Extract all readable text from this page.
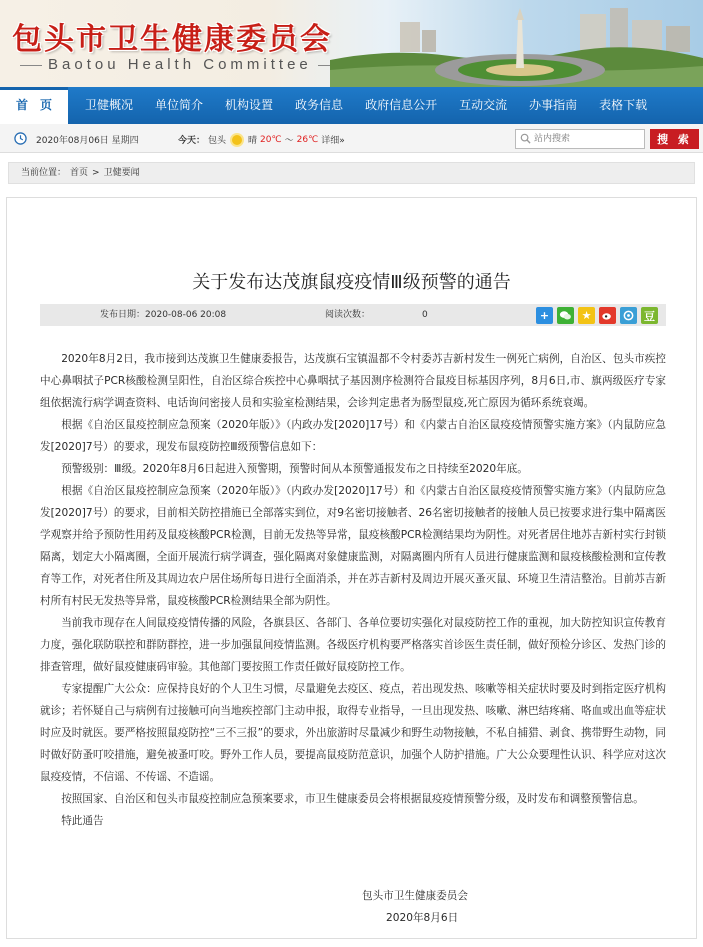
包头市卫生健康委员会
Baotou Health Committee
首　页	卫健概况	单位简介	机构设置	政务信息	政府信息公开	互动交流	办事指南	表格下载
2020年08月06日 星期四	今天： 包头 晴 20℃ ～ 26℃ 详细»
站内搜索	搜 索
当前位置： 首页 > 卫健要闻
关于发布达茂旗鼠疫疫情Ⅲ级预警的通告
发布日期：2020-08-06 20:08	阅读次数：	0	+	★	豆

2020年8月2日，我市接到达茂旗卫生健康委报告，达茂旗石宝镇温都不令村委苏吉新村发生一例死亡病例，自治区、包头市疾控中心鼻咽拭子PCR核酸检测呈阳性，自治区综合疾控中心鼻咽拭子基因测序检测符合鼠疫目标基因序列，8月6日,市、旗两级医疗专家组依据流行病学调查资料、电话询问密接人员和实验室检测结果，会诊判定患者为肠型鼠疫,死亡原因为循环系统衰竭。

根据《自治区鼠疫控制应急预案（2020年版）》（内政办发[2020]17号）和《内蒙古自治区鼠疫疫情预警实施方案》（内鼠防应急发[2020]7号）的要求，现发布鼠疫防控Ⅲ级预警信息如下：

预警级别：Ⅲ级。2020年8月6日起进入预警期，预警时间从本预警通报发布之日持续至2020年底。

根据《自治区鼠疫控制应急预案（2020年版）》（内政办发[2020]17号）和《内蒙古自治区鼠疫疫情预警实施方案》（内鼠防应急发[2020]7号）的要求，目前相关防控措施已全部落实到位，对9名密切接触者、26名密切接触者的接触人员已按要求进行集中隔离医学观察并给予预防性用药及鼠疫核酸PCR检测，目前无发热等异常，鼠疫核酸PCR检测结果均为阴性。对死者居住地苏吉新村实行封锁隔离，划定大小隔离圈，全面开展流行病学调查，强化隔离对象健康监测，对隔离圈内所有人员进行健康监测和鼠疫核酸检测和宣传教育等工作，对死者住所及其周边农户居住场所每日进行全面消杀，并在苏吉新村及周边开展灭蚤灭鼠、环境卫生清洁整治。目前苏吉新村所有村民无发热等异常，鼠疫核酸PCR检测结果全部为阴性。

当前我市现存在人间鼠疫疫情传播的风险，各旗县区、各部门、各单位要切实强化对鼠疫防控工作的重视，加大防控知识宣传教育力度，强化联防联控和群防群控，进一步加强鼠间疫情监测。各级医疗机构要严格落实首诊医生责任制，做好预检分诊区、发热门诊的排查管理，做好鼠疫健康码审验。其他部门要按照工作责任做好鼠疫防控工作。

专家提醒广大公众：应保持良好的个人卫生习惯，尽量避免去疫区、疫点，若出现发热、咳嗽等相关症状时要及时到指定医疗机构就诊；若怀疑自己与病例有过接触可向当地疾控部门主动申报，取得专业指导，一旦出现发热、咳嗽、淋巴结疼痛、咯血或出血等症状时应及时就医。要严格按照鼠疫防控“三不三报”的要求，外出旅游时尽量减少和野生动物接触，不私自捕猎、剥食、携带野生动物，同时做好防蚤叮咬措施，避免被蚤叮咬。野外工作人员，要提高鼠疫防范意识，加强个人防护措施。广大公众要理性认识、科学应对这次鼠疫疫情，不信谣、不传谣、不造谣。

按照国家、自治区和包头市鼠疫控制应急预案要求，市卫生健康委员会将根据鼠疫疫情预警分级，及时发布和调整预警信息。

特此通告

包头市卫生健康委员会
2020年8月6日
